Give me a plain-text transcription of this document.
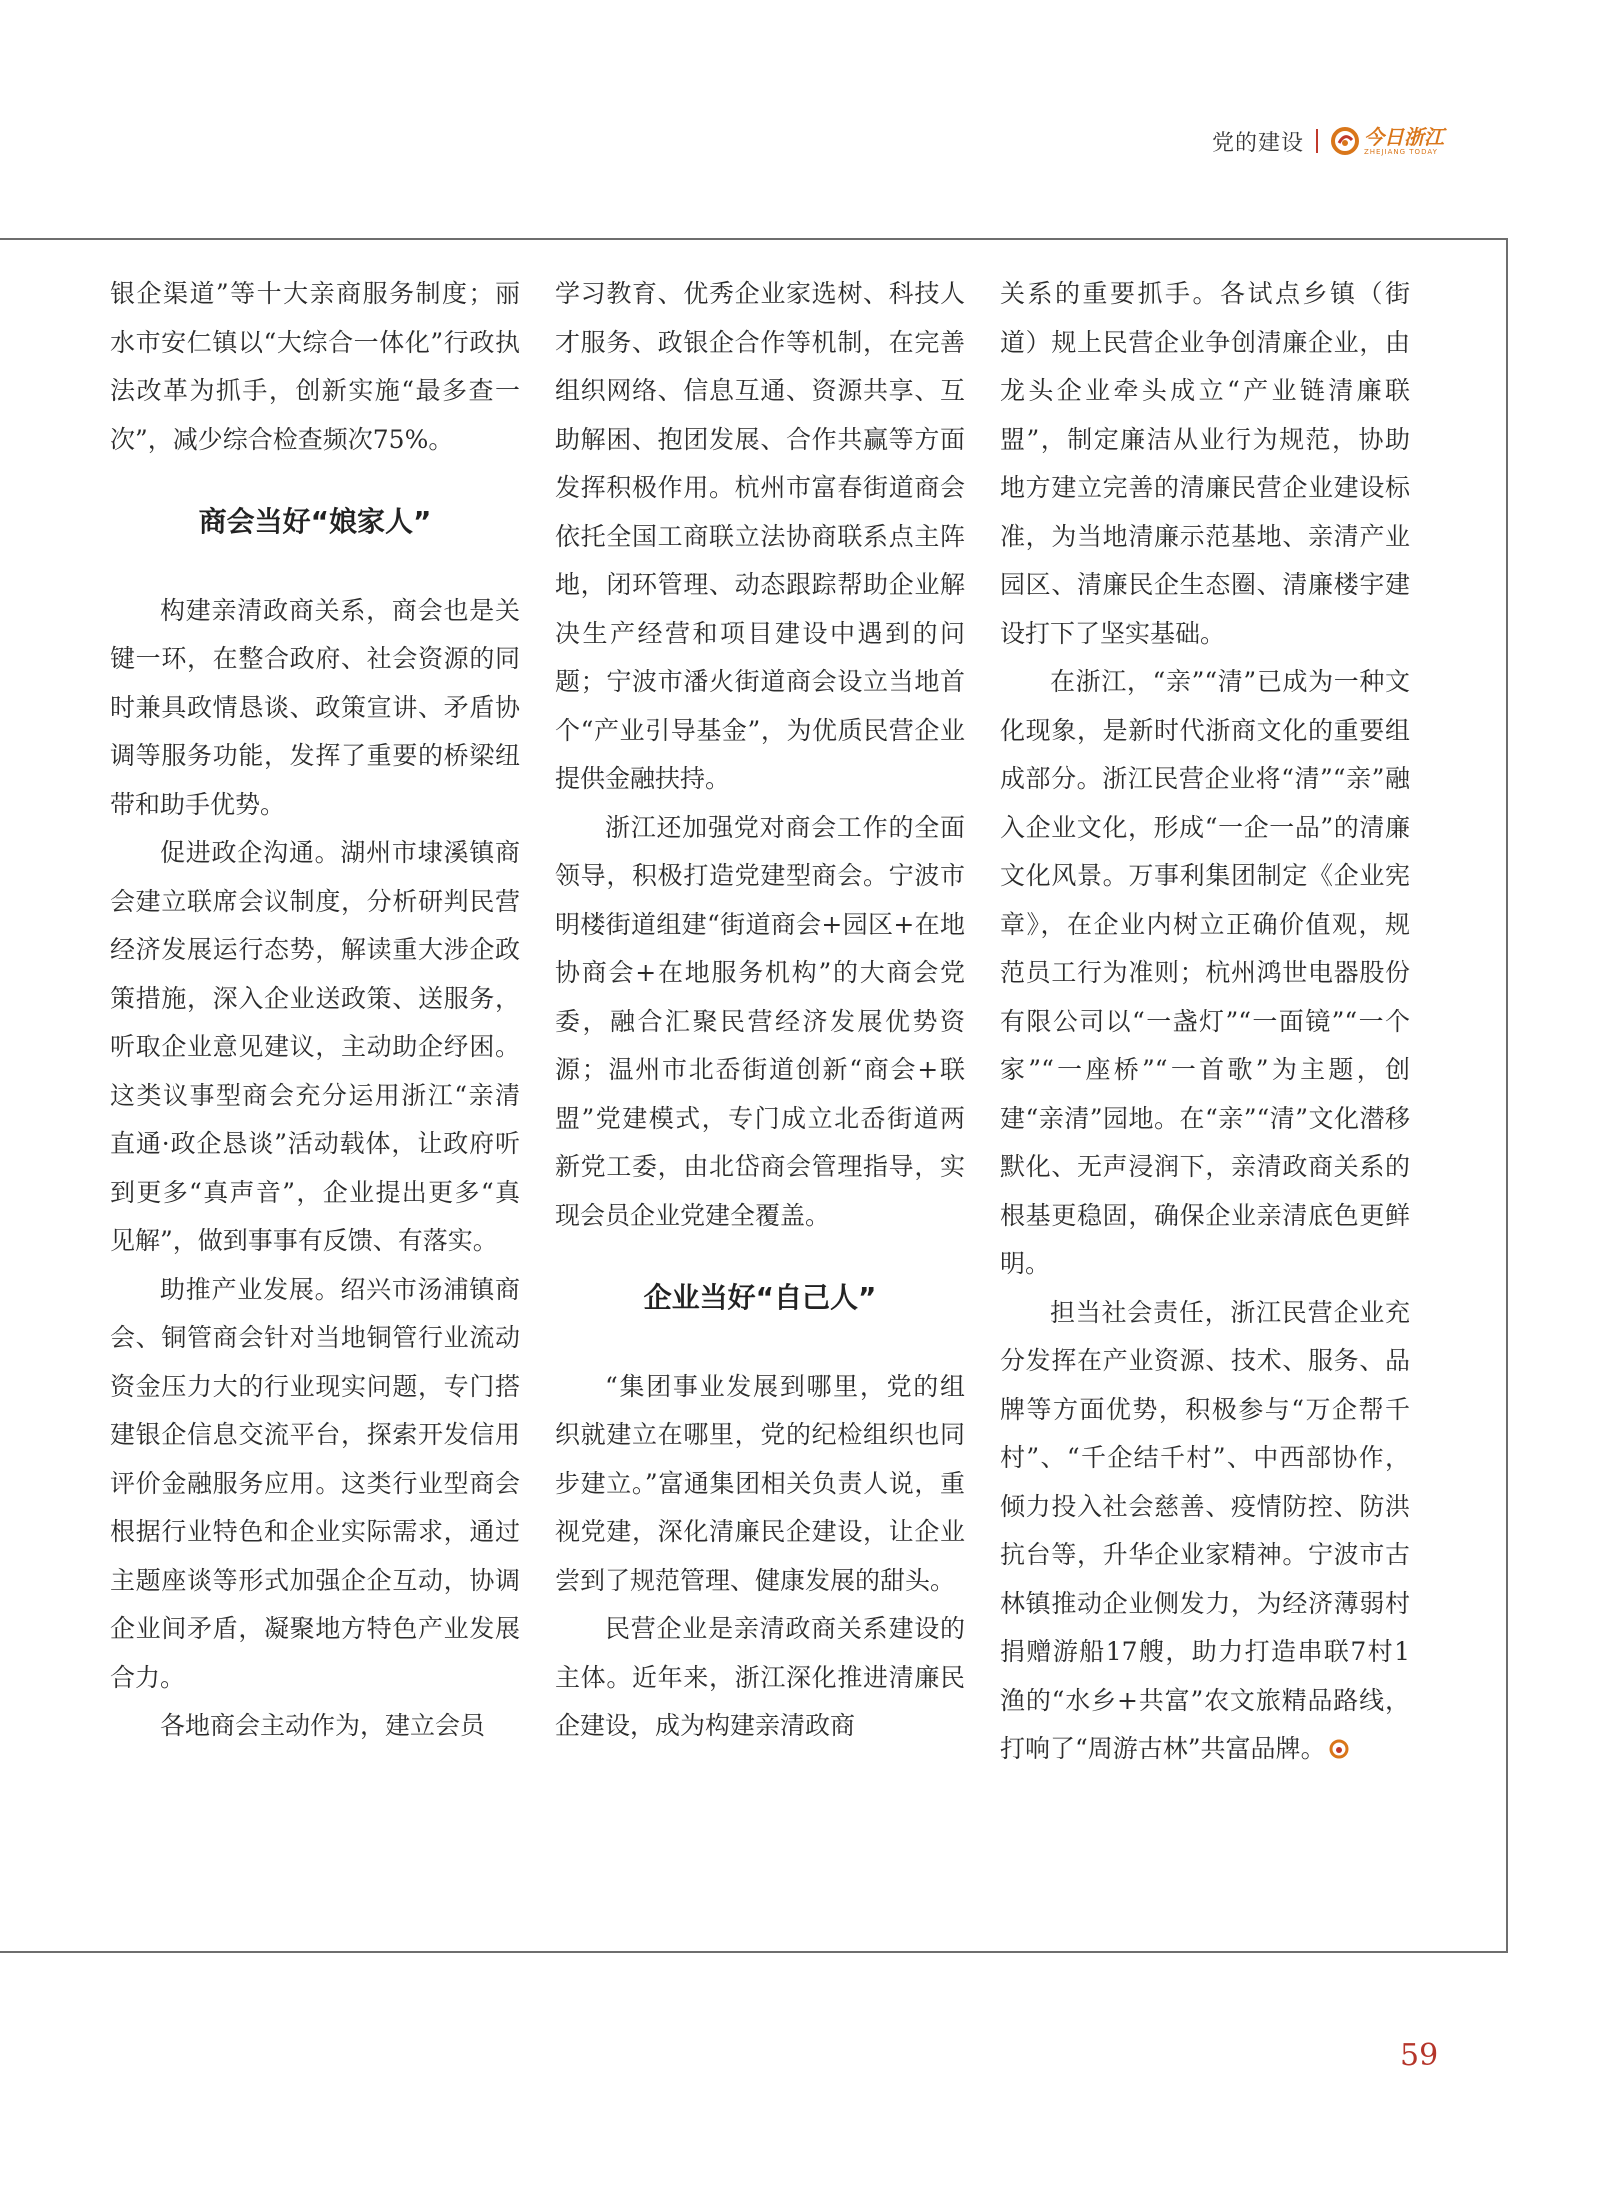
党的建设	今日浙江
ZHEJIANG TODAY

银企渠道”等十大亲商服务制度；丽水市安仁镇以“大综合一体化”行政执法改革为抓手，创新实施“最多查一次”，减少综合检查频次75%。

商会当好“娘家人”

构建亲清政商关系，商会也是关键一环，在整合政府、社会资源的同时兼具政情恳谈、政策宣讲、矛盾协调等服务功能，发挥了重要的桥梁纽带和助手优势。

促进政企沟通。湖州市埭溪镇商会建立联席会议制度，分析研判民营经济发展运行态势，解读重大涉企政策措施，深入企业送政策、送服务，听取企业意见建议，主动助企纾困。这类议事型商会充分运用浙江“亲清直通·政企恳谈”活动载体，让政府听到更多“真声音”，企业提出更多“真见解”，做到事事有反馈、有落实。

助推产业发展。绍兴市汤浦镇商会、铜管商会针对当地铜管行业流动资金压力大的行业现实问题，专门搭建银企信息交流平台，探索开发信用评价金融服务应用。这类行业型商会根据行业特色和企业实际需求，通过主题座谈等形式加强企企互动，协调企业间矛盾，凝聚地方特色产业发展合力。

各地商会主动作为，建立会员

学习教育、优秀企业家选树、科技人才服务、政银企合作等机制，在完善组织网络、信息互通、资源共享、互助解困、抱团发展、合作共赢等方面发挥积极作用。杭州市富春街道商会依托全国工商联立法协商联系点主阵地，闭环管理、动态跟踪帮助企业解决生产经营和项目建设中遇到的问题；宁波市潘火街道商会设立当地首个“产业引导基金”，为优质民营企业提供金融扶持。

浙江还加强党对商会工作的全面领导，积极打造党建型商会。宁波市明楼街道组建“街道商会+园区+在地协商会+在地服务机构”的大商会党委，融合汇聚民营经济发展优势资源；温州市北岙街道创新“商会+联盟”党建模式，专门成立北岙街道两新党工委，由北岱商会管理指导，实现会员企业党建全覆盖。

企业当好“自己人”

“集团事业发展到哪里，党的组织就建立在哪里，党的纪检组织也同步建立。”富通集团相关负责人说，重视党建，深化清廉民企建设，让企业尝到了规范管理、健康发展的甜头。

民营企业是亲清政商关系建设的主体。近年来，浙江深化推进清廉民企建设，成为构建亲清政商

关系的重要抓手。各试点乡镇（街道）规上民营企业争创清廉企业，由龙头企业牵头成立“产业链清廉联盟”，制定廉洁从业行为规范，协助地方建立完善的清廉民营企业建设标准，为当地清廉示范基地、亲清产业园区、清廉民企生态圈、清廉楼宇建设打下了坚实基础。

在浙江，“亲”“清”已成为一种文化现象，是新时代浙商文化的重要组成部分。浙江民营企业将“清”“亲”融入企业文化，形成“一企一品”的清廉文化风景。万事利集团制定《企业宪章》，在企业内树立正确价值观，规范员工行为准则；杭州鸿世电器股份有限公司以“一盏灯”“一面镜”“一个家”“一座桥”“一首歌”为主题，创建“亲清”园地。在“亲”“清”文化潜移默化、无声浸润下，亲清政商关系的根基更稳固，确保企业亲清底色更鲜明。

担当社会责任，浙江民营企业充分发挥在产业资源、技术、服务、品牌等方面优势，积极参与“万企帮千村”、“千企结千村”、中西部协作，倾力投入社会慈善、疫情防控、防洪抗台等，升华企业家精神。宁波市古林镇推动企业侧发力，为经济薄弱村捐赠游船17艘，助力打造串联7村1渔的“水乡+共富”农文旅精品路线，打响了“周游古林”共富品牌。

59
